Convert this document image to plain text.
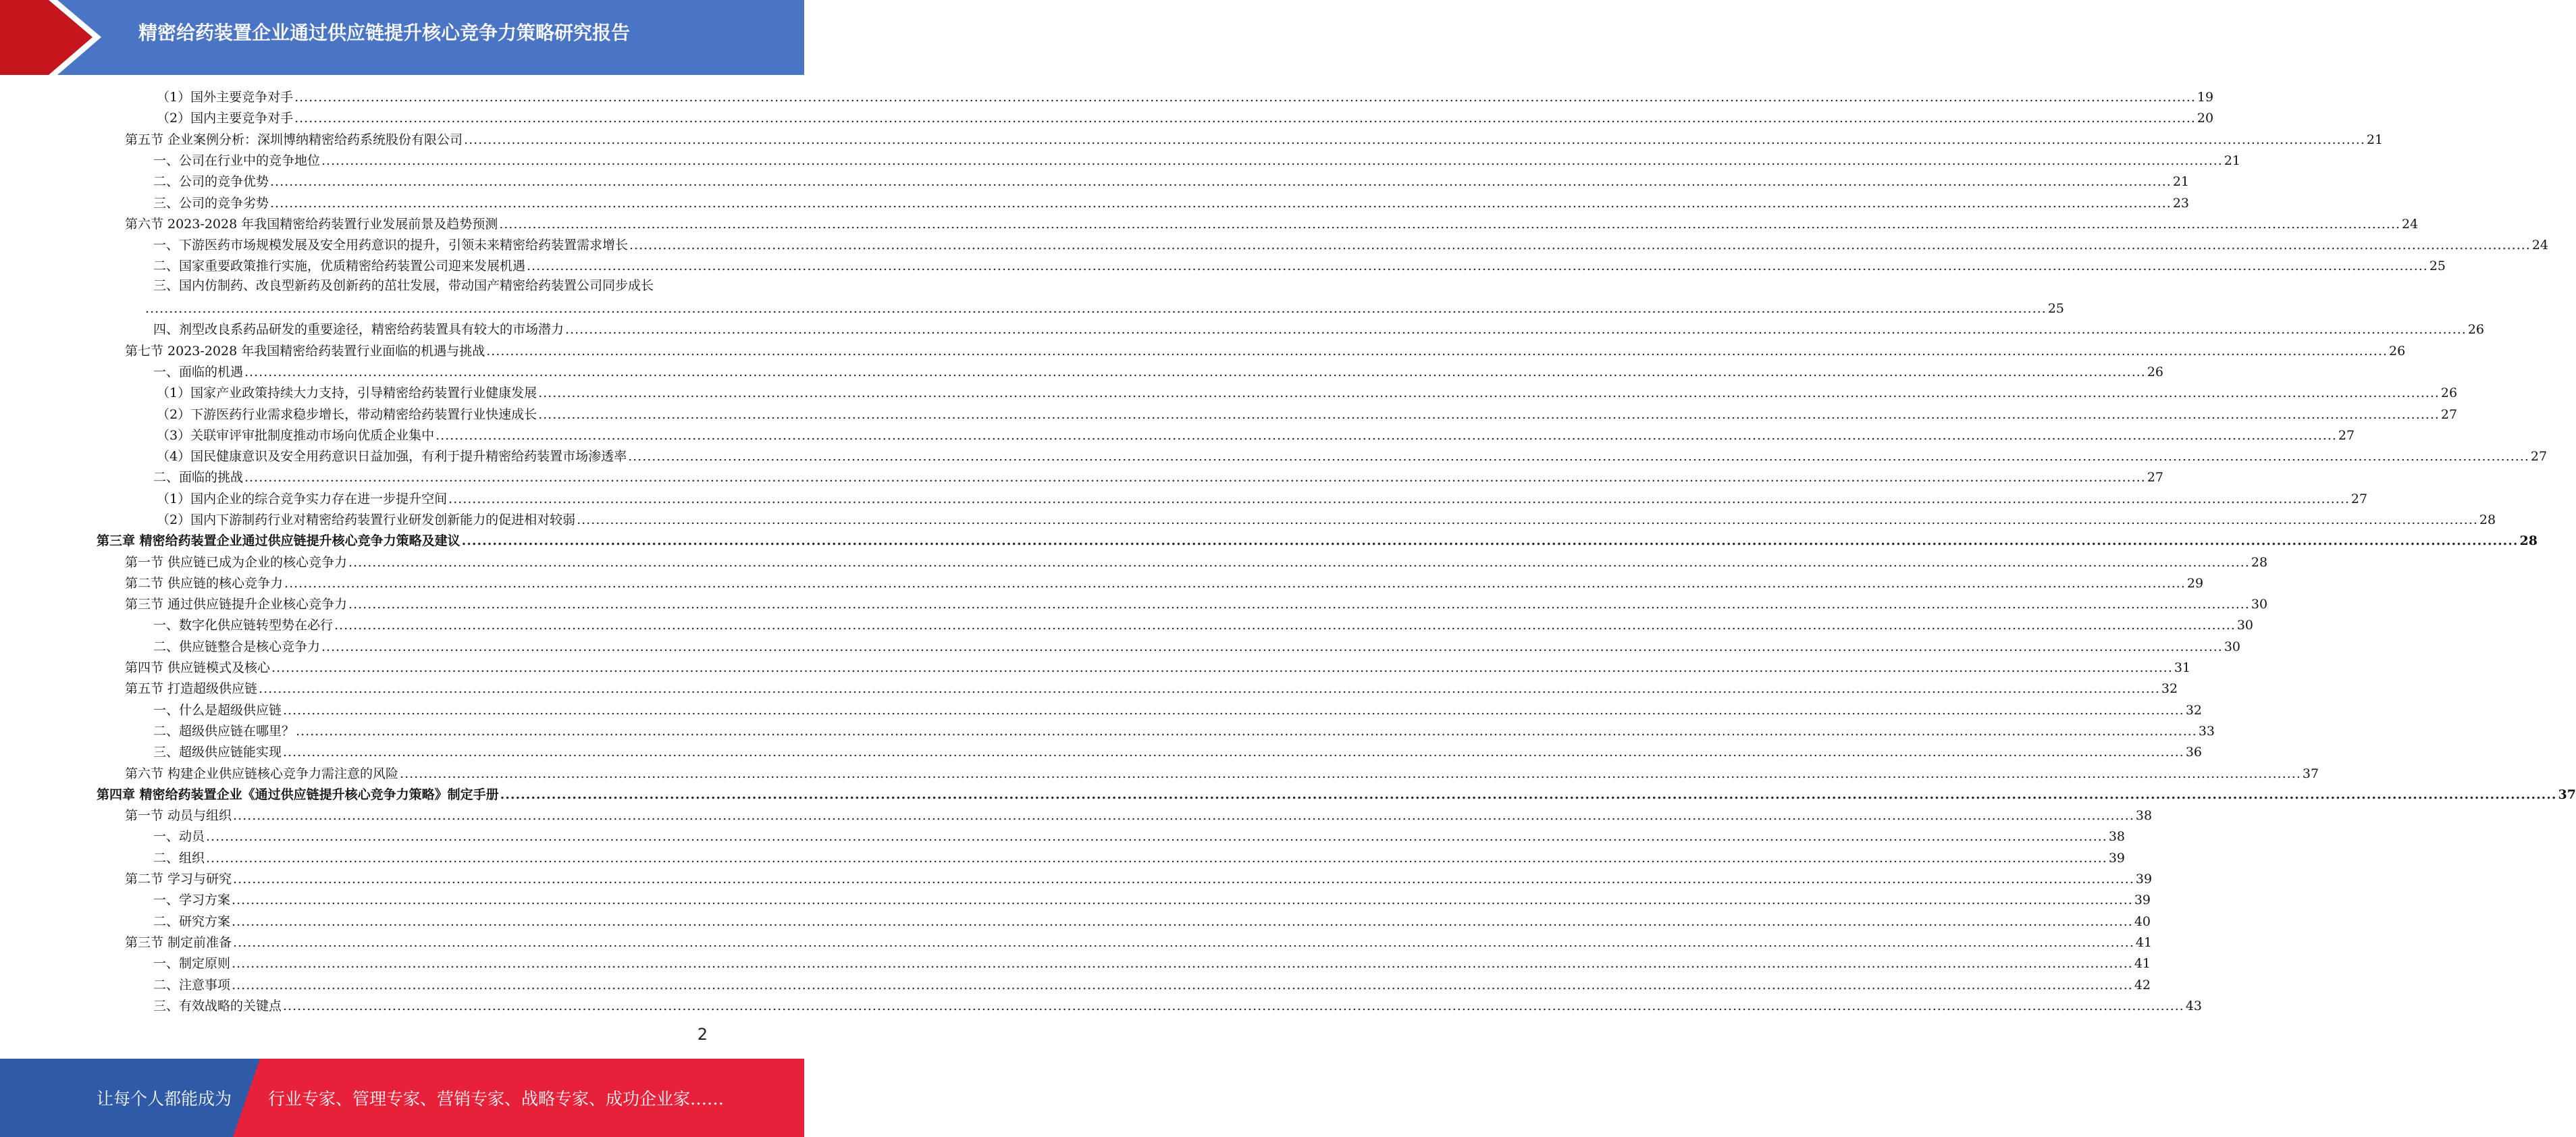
精密给药装置企业通过供应链提升核心竞争力策略研究报告
（1）国外主要竞争对手 ................................................................................................................................................................................................................................................................................................................................................................................................................ 19
（2）国内主要竞争对手 ................................................................................................................................................................................................................................................................................................................................................................................................................ 20
第五节 企业案例分析：深圳博纳精密给药系统股份有限公司 ................................................................................................................................................................................................................................................................................................................................................................................................................ 21
一、公司在行业中的竞争地位 ................................................................................................................................................................................................................................................................................................................................................................................................................ 21
二、公司的竞争优势 ................................................................................................................................................................................................................................................................................................................................................................................................................ 21
三、公司的竞争劣势 ................................................................................................................................................................................................................................................................................................................................................................................................................ 23
第六节 2023-2028 年我国精密给药装置行业发展前景及趋势预测 ................................................................................................................................................................................................................................................................................................................................................................................................................ 24
一、下游医药市场规模发展及安全用药意识的提升，引领未来精密给药装置需求增长 ................................................................................................................................................................................................................................................................................................................................................................................................................ 24
二、国家重要政策推行实施，优质精密给药装置公司迎来发展机遇 ................................................................................................................................................................................................................................................................................................................................................................................................................ 25
三、国内仿制药、改良型新药及创新药的茁壮发展，带动国产精密给药装置公司同步成长
................................................................................................................................................................................................................................................................................................................................................................................................................ 25
四、剂型改良系药品研发的重要途径，精密给药装置具有较大的市场潜力 ................................................................................................................................................................................................................................................................................................................................................................................................................ 26
第七节 2023-2028 年我国精密给药装置行业面临的机遇与挑战 ................................................................................................................................................................................................................................................................................................................................................................................................................ 26
一、面临的机遇 ................................................................................................................................................................................................................................................................................................................................................................................................................ 26
（1）国家产业政策持续大力支持，引导精密给药装置行业健康发展 ................................................................................................................................................................................................................................................................................................................................................................................................................ 26
（2）下游医药行业需求稳步增长，带动精密给药装置行业快速成长 ................................................................................................................................................................................................................................................................................................................................................................................................................ 27
（3）关联审评审批制度推动市场向优质企业集中 ................................................................................................................................................................................................................................................................................................................................................................................................................ 27
（4）国民健康意识及安全用药意识日益加强，有利于提升精密给药装置市场渗透率 ................................................................................................................................................................................................................................................................................................................................................................................................................ 27
二、面临的挑战 ................................................................................................................................................................................................................................................................................................................................................................................................................ 27
（1）国内企业的综合竞争实力存在进一步提升空间 ................................................................................................................................................................................................................................................................................................................................................................................................................ 27
（2）国内下游制药行业对精密给药装置行业研发创新能力的促进相对较弱 ................................................................................................................................................................................................................................................................................................................................................................................................................ 28
第三章 精密给药装置企业通过供应链提升核心竞争力策略及建议 ................................................................................................................................................................................................................................................................................................................................................................................................................ 28
第一节 供应链已成为企业的核心竞争力 ................................................................................................................................................................................................................................................................................................................................................................................................................ 28
第二节 供应链的核心竞争力 ................................................................................................................................................................................................................................................................................................................................................................................................................ 29
第三节 通过供应链提升企业核心竞争力 ................................................................................................................................................................................................................................................................................................................................................................................................................ 30
一、数字化供应链转型势在必行 ................................................................................................................................................................................................................................................................................................................................................................................................................ 30
二、供应链整合是核心竞争力 ................................................................................................................................................................................................................................................................................................................................................................................................................ 30
第四节 供应链模式及核心 ................................................................................................................................................................................................................................................................................................................................................................................................................ 31
第五节 打造超级供应链 ................................................................................................................................................................................................................................................................................................................................................................................................................ 32
一、什么是超级供应链 ................................................................................................................................................................................................................................................................................................................................................................................................................ 32
二、超级供应链在哪里？ ................................................................................................................................................................................................................................................................................................................................................................................................................ 33
三、超级供应链能实现 ................................................................................................................................................................................................................................................................................................................................................................................................................ 36
第六节 构建企业供应链核心竞争力需注意的风险 ................................................................................................................................................................................................................................................................................................................................................................................................................ 37
第四章 精密给药装置企业《通过供应链提升核心竞争力策略》制定手册 ................................................................................................................................................................................................................................................................................................................................................................................................................ 37
第一节 动员与组织 ................................................................................................................................................................................................................................................................................................................................................................................................................ 38
一、动员 ................................................................................................................................................................................................................................................................................................................................................................................................................ 38
二、组织 ................................................................................................................................................................................................................................................................................................................................................................................................................ 39
第二节 学习与研究 ................................................................................................................................................................................................................................................................................................................................................................................................................ 39
一、学习方案 ................................................................................................................................................................................................................................................................................................................................................................................................................ 39
二、研究方案 ................................................................................................................................................................................................................................................................................................................................................................................................................ 40
第三节 制定前准备 ................................................................................................................................................................................................................................................................................................................................................................................................................ 41
一、制定原则 ................................................................................................................................................................................................................................................................................................................................................................................................................ 41
二、注意事项 ................................................................................................................................................................................................................................................................................................................................................................................................................ 42
三、有效战略的关键点 ................................................................................................................................................................................................................................................................................................................................................................................................................ 43
2
让每个人都能成为 行业专家、管理专家、营销专家、战略专家、成功企业家……
